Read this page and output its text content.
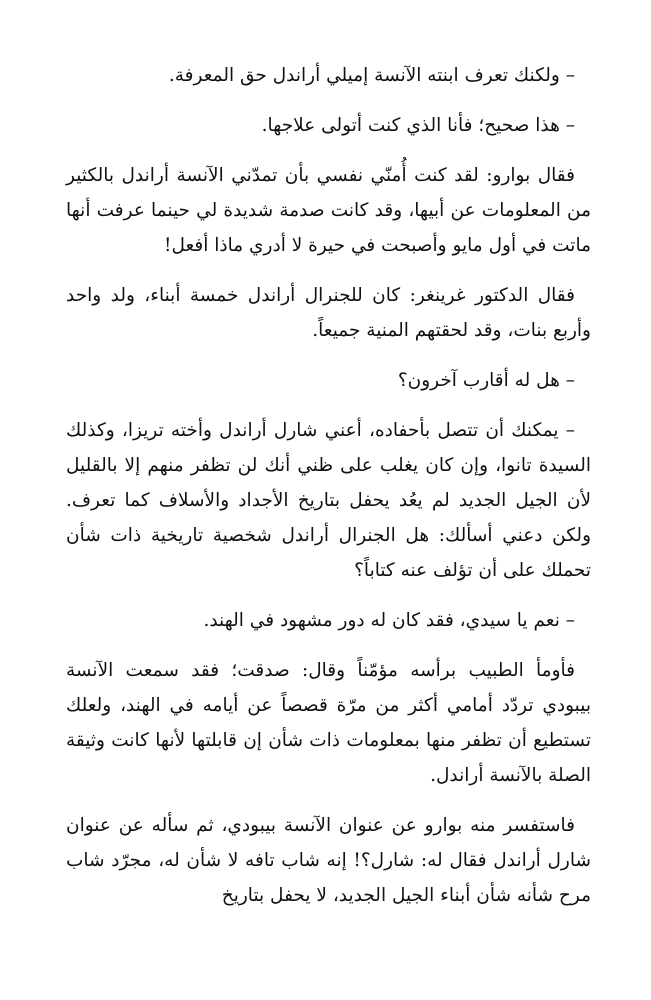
– ولكنك تعرف ابنته الآنسة إميلي أراندل حق المعرفة.

– هذا صحيح؛ فأنا الذي كنت أتولى علاجها.

فقال بوارو: لقد كنت أُمنّي نفسي بأن تمدّني الآنسة أراندل بالكثير من المعلومات عن أبيها، وقد كانت صدمة شديدة لي حينما عرفت أنها ماتت في أول مايو وأصبحت في حيرة لا أدري ماذا أفعل!

فقال الدكتور غرينغر: كان للجنرال أراندل خمسة أبناء، ولد واحد وأربع بنات، وقد لحقتهم المنية جميعاً.

– هل له أقارب آخرون؟

– يمكنك أن تتصل بأحفاده، أعني شارل أراندل وأخته تريزا، وكذلك السيدة تانوا، وإن كان يغلب على ظني أنك لن تظفر منهم إلا بالقليل لأن الجيل الجديد لم يعُد يحفل بتاريخ الأجداد والأسلاف كما تعرف. ولكن دعني أسألك: هل الجنرال أراندل شخصية تاريخية ذات شأن تحملك على أن تؤلف عنه كتاباً؟

– نعم يا سيدي، فقد كان له دور مشهود في الهند.

فأومأ الطبيب برأسه مؤمّناً وقال: صدقت؛ فقد سمعت الآنسة بيبودي تردّد أمامي أكثر من مرّة قصصاً عن أيامه في الهند، ولعلك تستطيع أن تظفر منها بمعلومات ذات شأن إن قابلتها لأنها كانت وثيقة الصلة بالآنسة أراندل.

فاستفسر منه بوارو عن عنوان الآنسة بيبودي، ثم سأله عن عنوان شارل أراندل فقال له: شارل؟! إنه شاب تافه لا شأن له، مجرّد شاب مرح شأنه شأن أبناء الجيل الجديد، لا يحفل بتاريخ
